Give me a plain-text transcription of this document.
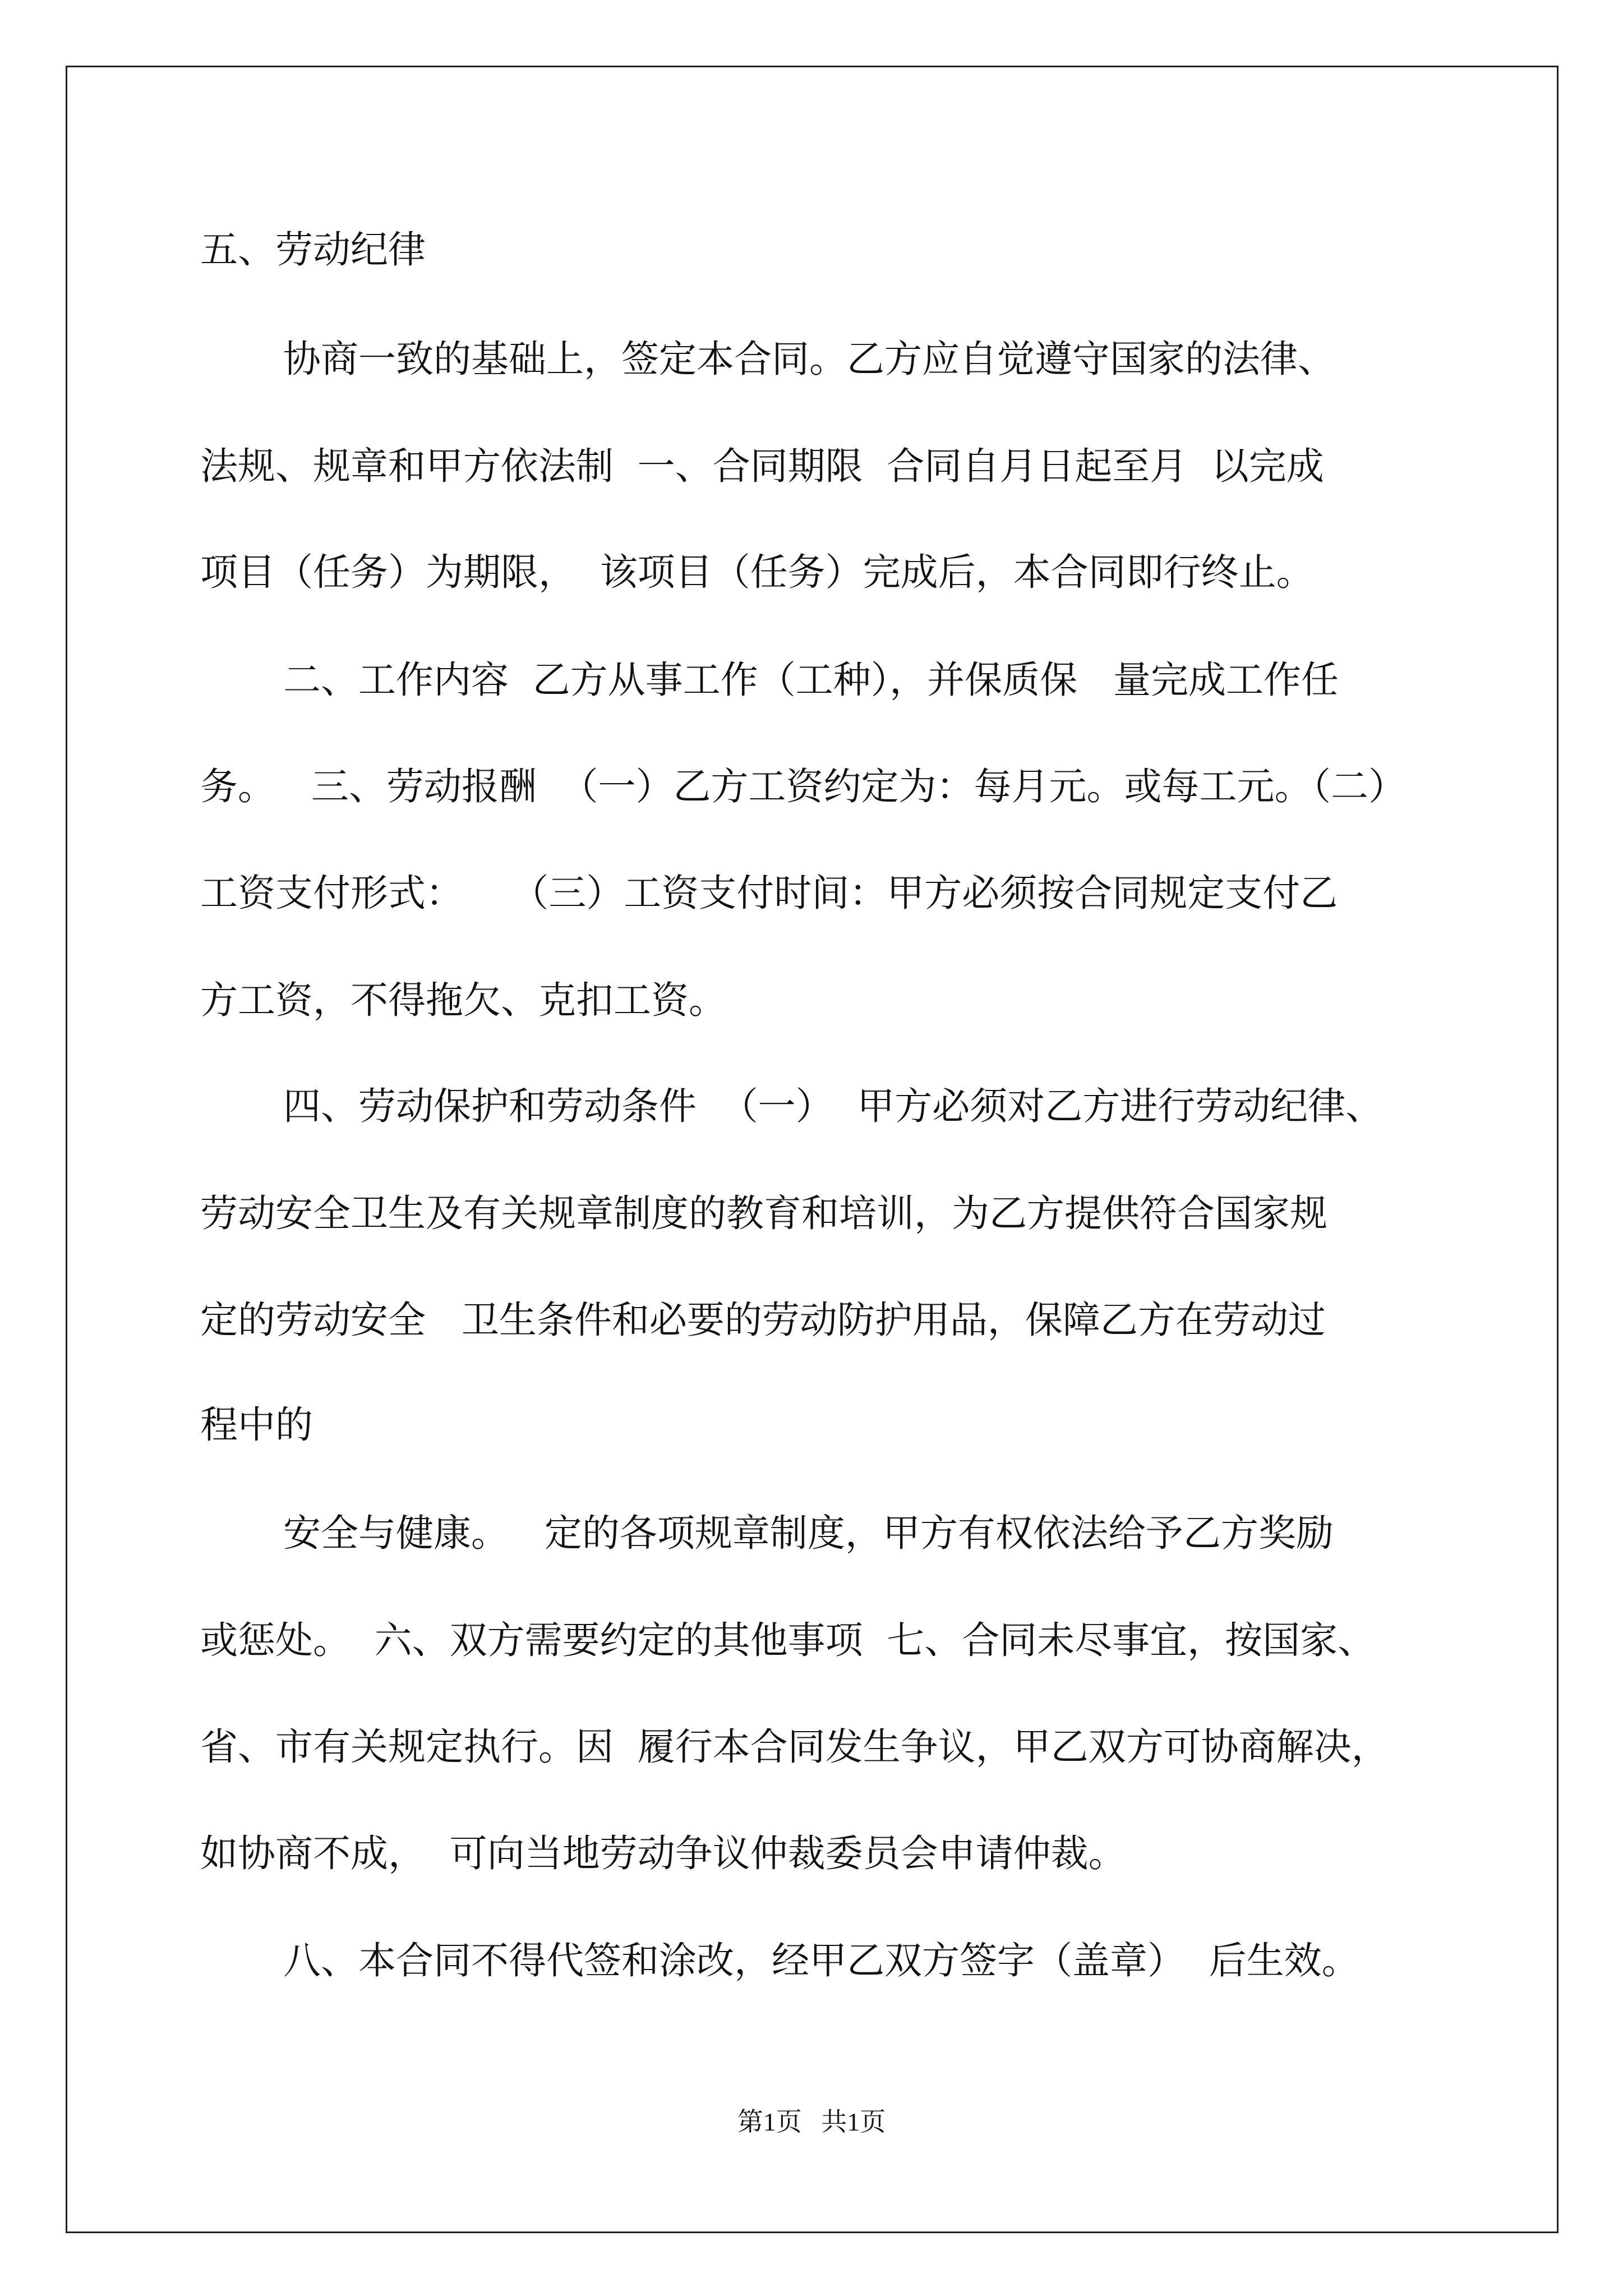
五、劳动纪律
协商一致的基础上，签定本合同。乙方应自觉遵守国家的法律、
法规、规章和甲方依法制  一、合同期限  合同自月日起至月  以完成
项目（任务）为期限，  该项目（任务）完成后，本合同即行终止。
二、工作内容  乙方从事工作（工种），并保质保   量完成工作任
务。   三、劳动报酬  （一）乙方工资约定为：每月元。或每工元。（二）
工资支付形式：    （三）工资支付时间：甲方必须按合同规定支付乙
方工资，不得拖欠、克扣工资。
四、劳动保护和劳动条件  （一）  甲方必须对乙方进行劳动纪律、
劳动安全卫生及有关规章制度的教育和培训，为乙方提供符合国家规
定的劳动安全   卫生条件和必要的劳动防护用品，保障乙方在劳动过
程中的
安全与健康。   定的各项规章制度，甲方有权依法给予乙方奖励
或惩处。  六、双方需要约定的其他事项  七、合同未尽事宜，按国家、
省、市有关规定执行。因  履行本合同发生争议，甲乙双方可协商解决，
如协商不成，  可向当地劳动争议仲裁委员会申请仲裁。
八、本合同不得代签和涂改，经甲乙双方签字（盖章）  后生效。
第1页   共1页
